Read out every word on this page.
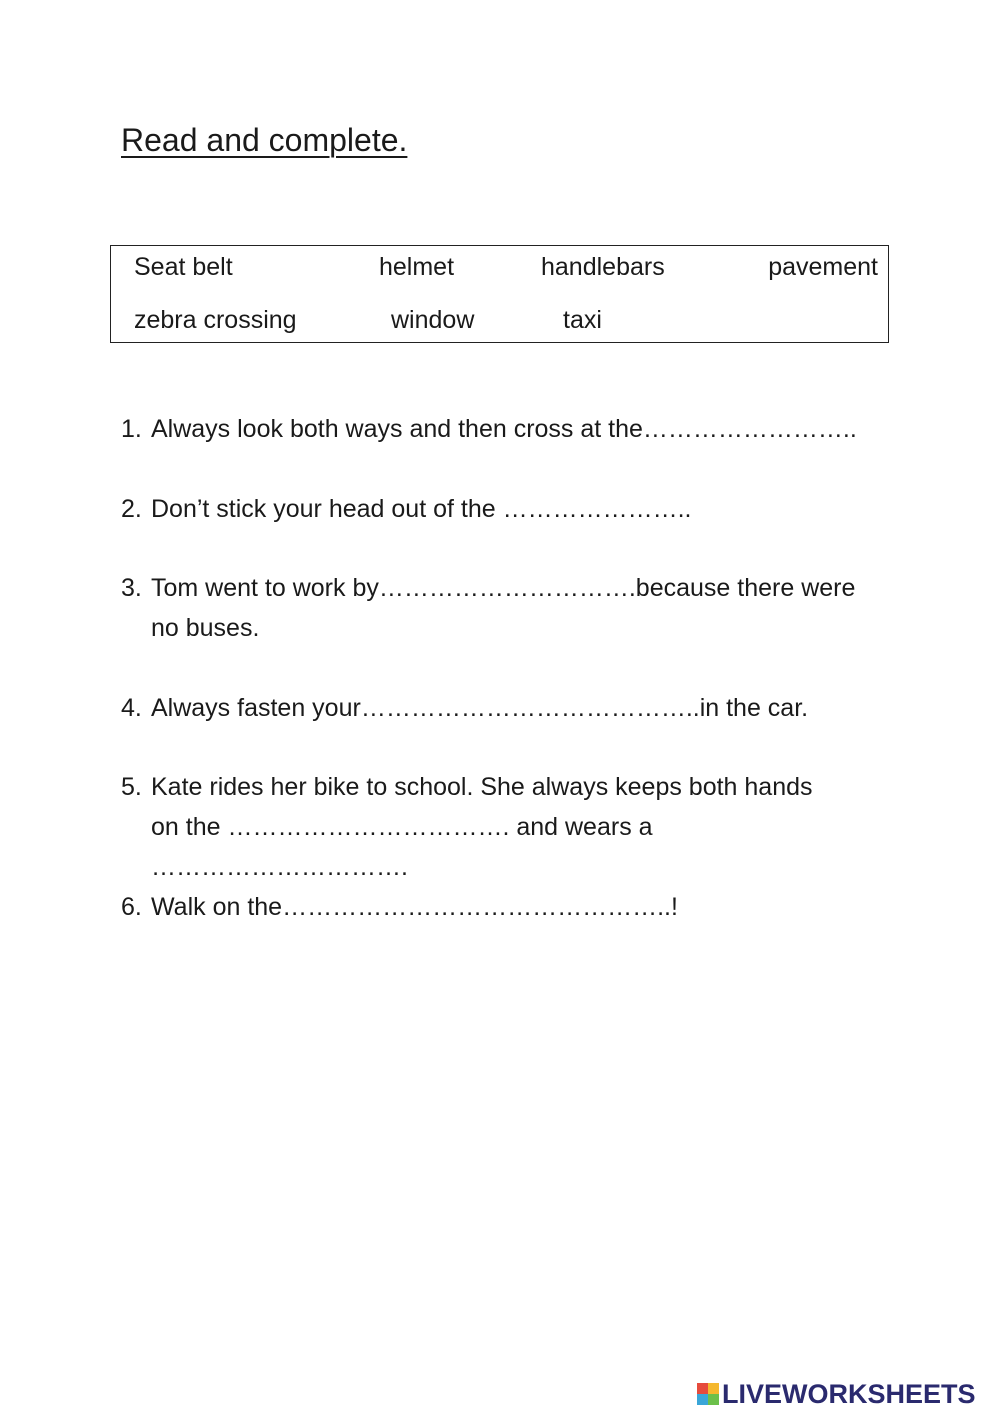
Read and complete.
Seat belt	helmet	handlebars	pavement
zebra crossing	window	taxi

1. Always look both ways and then cross at the……………………..

2. Don’t stick your head out of the …………………..

3. Tom went to work by………………………….because there were
no buses.

4. Always fasten your…………………………………..in the car.

5. Kate rides her bike to school. She always keeps both hands
on the ……………………………. and wears a ………………………….

6. Walk on the………………………………………..!

LIVEWORKSHEETS
